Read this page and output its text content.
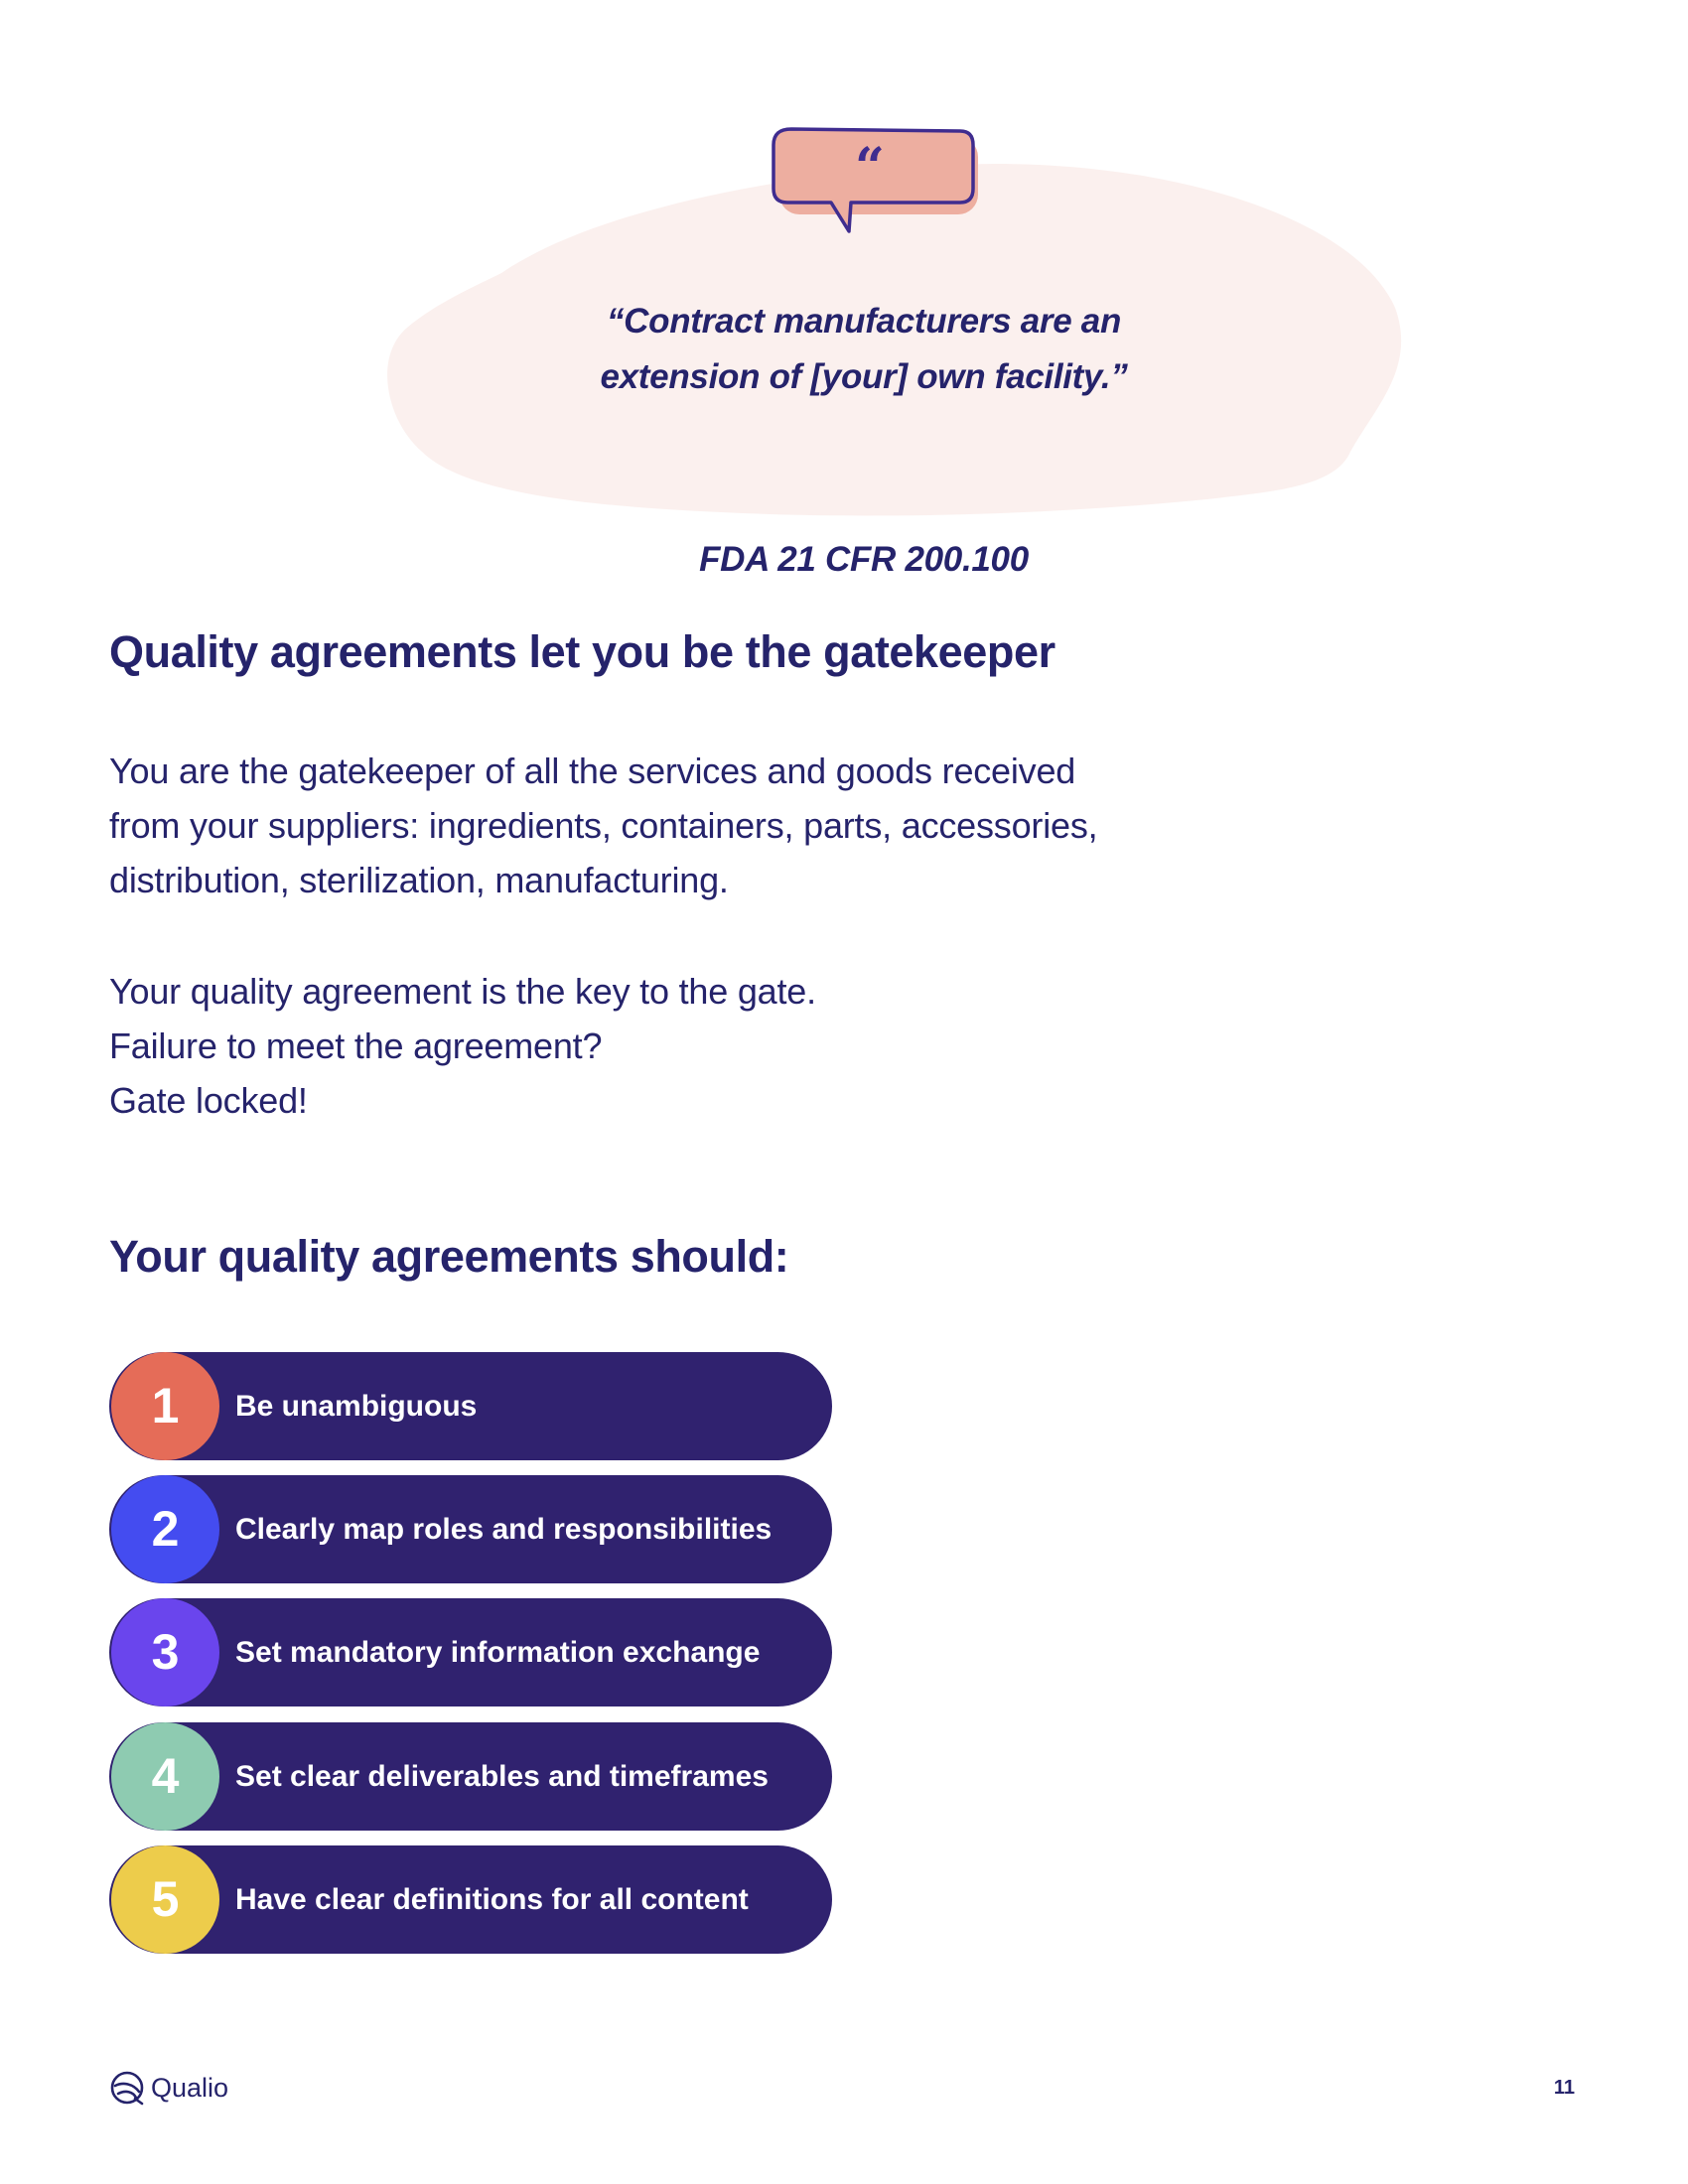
“
“Contract manufacturers are an
extension of [your] own facility.”
FDA 21 CFR 200.100
Quality agreements let you be the gatekeeper
You are the gatekeeper of all the services and goods received
from your suppliers: ingredients, containers, parts, accessories,
distribution, sterilization, manufacturing.
Your quality agreement is the key to the gate.
Failure to meet the agreement?
Gate locked!
Your quality agreements should:
1	Be unambiguous
2	Clearly map roles and responsibilities
3	Set mandatory information exchange
4	Set clear deliverables and timeframes
5	Have clear definitions for all content
Qualio	11
